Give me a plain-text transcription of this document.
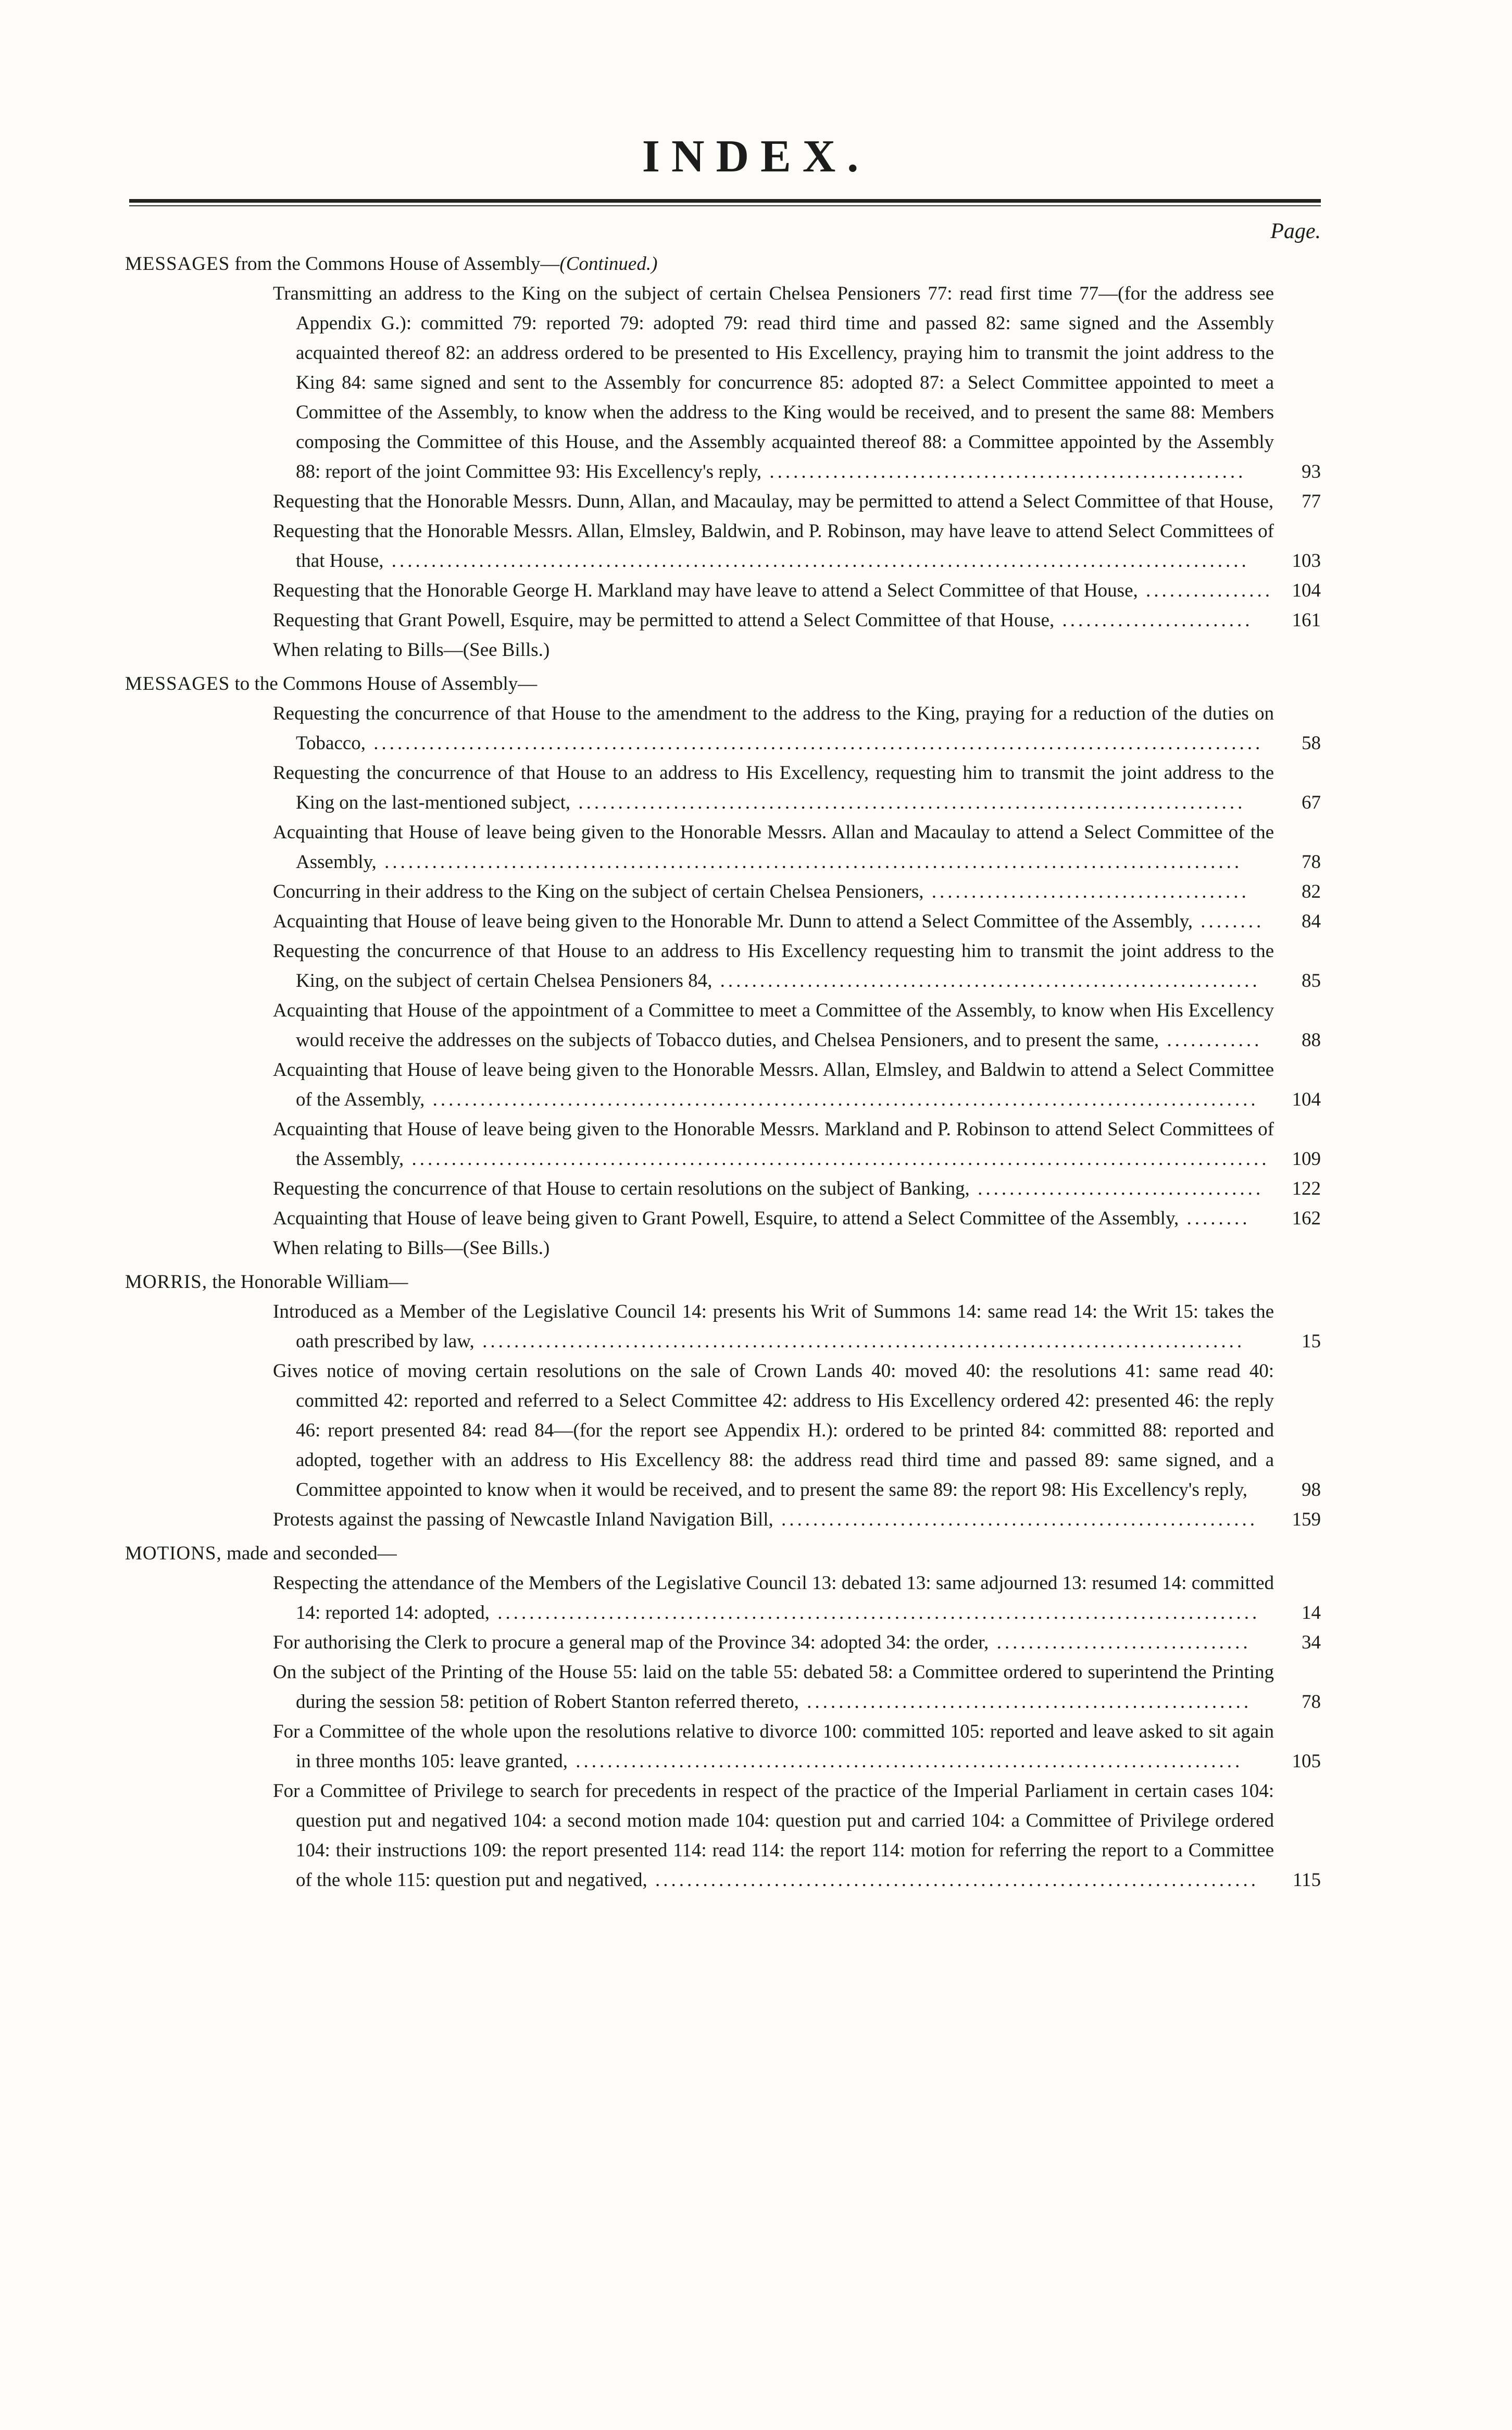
INDEX.
Page.
MESSAGES from the Commons House of Assembly—(Continued.)
Transmitting an address to the King on the subject of certain Chelsea Pensioners 77: read first time 77—(for the address see Appendix G.): committed 79: reported 79: adopted 79: read third time and passed 82: same signed and the Assembly acquainted thereof 82: an address ordered to be presented to His Excellency, praying him to transmit the joint address to the King 84: same signed and sent to the Assembly for concurrence 85: adopted 87: a Select Committee appointed to meet a Committee of the Assembly, to know when the address to the King would be received, and to present the same 88: Members composing the Committee of this House, and the Assembly acquainted thereof 88: a Committee appointed by the Assembly 88: report of the joint Committee 93: His Excellency's reply, ............................................................	93
Requesting that the Honorable Messrs. Dunn, Allan, and Macaulay, may be permitted to attend a Select Committee of that House,	77
Requesting that the Honorable Messrs. Allan, Elmsley, Baldwin, and P. Robinson, may have leave to attend Select Committees of that House, ............................................................................................................	103
Requesting that the Honorable George H. Markland may have leave to attend a Select Committee of that House, ................ 104
Requesting that Grant Powell, Esquire, may be permitted to attend a Select Committee of that House, ........................	161
When relating to Bills—(See Bills.)
MESSAGES to the Commons House of Assembly—
Requesting the concurrence of that House to the amendment to the address to the King, praying for a reduction of the duties on Tobacco, ................................................................................................................	58
Requesting the concurrence of that House to an address to His Excellency, requesting him to transmit the joint address to the King on the last-mentioned subject, ....................................................................................	67
Acquainting that House of leave being given to the Honorable Messrs. Allan and Macaulay to attend a Select Committee of the Assembly, ............................................................................................................	78
Concurring in their address to the King on the subject of certain Chelsea Pensioners, ........................................	82
Acquainting that House of leave being given to the Honorable Mr. Dunn to attend a Select Committee of the Assembly, ........	84
Requesting the concurrence of that House to an address to His Excellency requesting him to transmit the joint address to the King, on the subject of certain Chelsea Pensioners 84, ....................................................................	85
Acquainting that House of the appointment of a Committee to meet a Committee of the Assembly, to know when His Excellency would receive the addresses on the subjects of Tobacco duties, and Chelsea Pensioners, and to present the same, ............	88
Acquainting that House of leave being given to the Honorable Messrs. Allan, Elmsley, and Baldwin to attend a Select Committee of the Assembly, ........................................................................................................	104
Acquainting that House of leave being given to the Honorable Messrs. Markland and P. Robinson to attend Select Committees of the Assembly, ............................................................................................................	109
Requesting the concurrence of that House to certain resolutions on the subject of Banking, ....................................	122
Acquainting that House of leave being given to Grant Powell, Esquire, to attend a Select Committee of the Assembly, ........	162
When relating to Bills—(See Bills.)
MORRIS, the Honorable William—
Introduced as a Member of the Legislative Council 14: presents his Writ of Summons 14: same read 14: the Writ 15: takes the oath prescribed by law, ................................................................................................	15
Gives notice of moving certain resolutions on the sale of Crown Lands 40: moved 40: the resolutions 41: same read 40: committed 42: reported and referred to a Select Committee 42: address to His Excellency ordered 42: presented 46: the reply 46: report presented 84: read 84—(for the report see Appendix H.): ordered to be printed 84: committed 88: reported and adopted, together with an address to His Excellency 88: the address read third time and passed 89: same signed, and a Committee appointed to know when it would be received, and to present the same 89: the report 98: His Excellency's reply,	98
Protests against the passing of Newcastle Inland Navigation Bill, ............................................................	159
MOTIONS, made and seconded—
Respecting the attendance of the Members of the Legislative Council 13: debated 13: same adjourned 13: resumed 14: committed 14: reported 14: adopted, ................................................................................................	14
For authorising the Clerk to procure a general map of the Province 34: adopted 34: the order, ................................	34
On the subject of the Printing of the House 55: laid on the table 55: debated 58: a Committee ordered to superintend the Printing during the session 58: petition of Robert Stanton referred thereto, ........................................................	78
For a Committee of the whole upon the resolutions relative to divorce 100: committed 105: reported and leave asked to sit again in three months 105: leave granted, ....................................................................................	105
For a Committee of Privilege to search for precedents in respect of the practice of the Imperial Parliament in certain cases 104: question put and negatived 104: a second motion made 104: question put and carried 104: a Committee of Privilege ordered 104: their instructions 109: the report presented 114: read 114: the report 114: motion for referring the report to a Committee of the whole 115: question put and negatived, ............................................................................	115
